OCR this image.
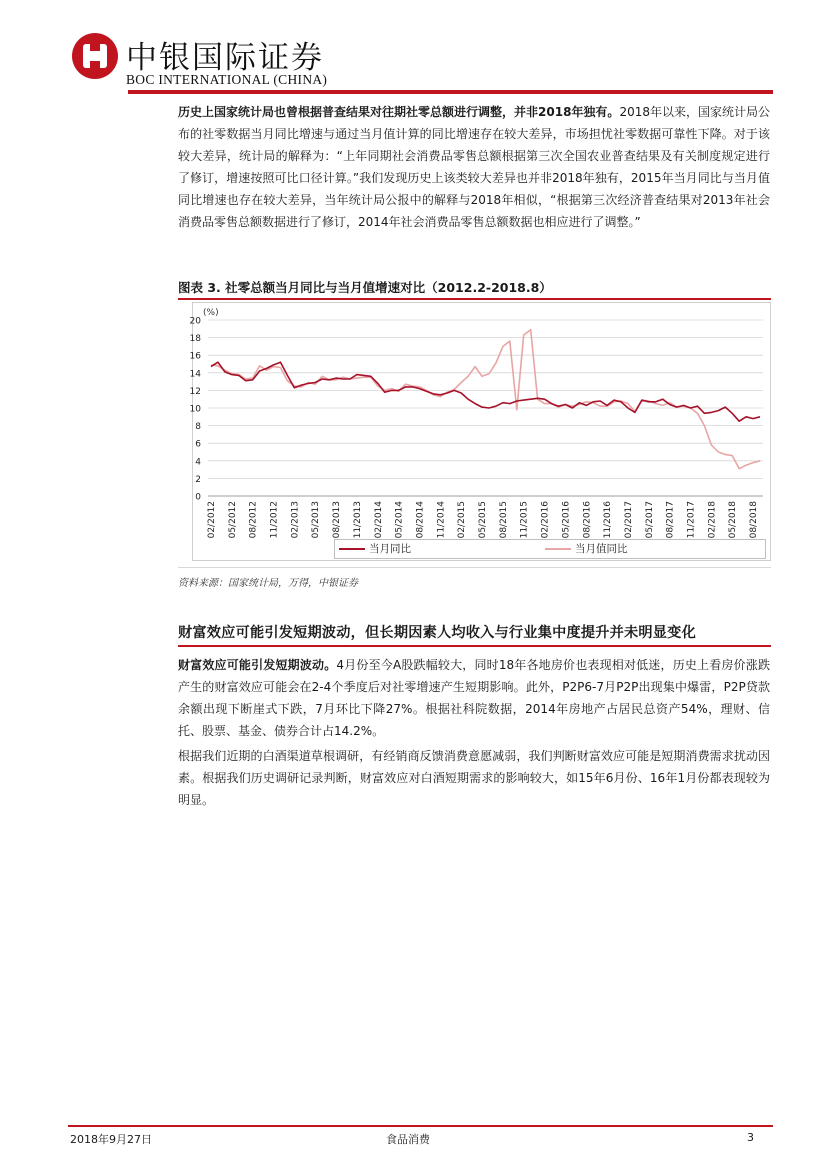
中银国际证券
BOC INTERNATIONAL (CHINA)

历史上国家统计局也曾根据普查结果对往期社零总额进行调整，并非2018年独有。2018年以来，国家统计局公布的社零数据当月同比增速与通过当月值计算的同比增速存在较大差异，市场担忧社零数据可靠性下降。对于该较大差异，统计局的解释为：“上年同期社会消费品零售总额根据第三次全国农业普查结果及有关制度规定进行了修订，增速按照可比口径计算。”我们发现历史上该类较大差异也并非2018年独有，2015年当月同比与当月值同比增速也存在较大差异，当年统计局公报中的解释与2018年相似，“根据第三次经济普查结果对2013年社会消费品零售总额数据进行了修订，2014年社会消费品零售总额数据也相应进行了调整。”

图表 3. 社零总额当月同比与当月值增速对比（2012.2-2018.8）
0
2
4
6
8
10
12
14
16
18
20
02/2012 05/2012 08/2012 11/2012 02/2013 05/2013 08/2013 11/2013 02/2014 05/2014 08/2014 11/2014 02/2015 05/2015 08/2015 11/2015 02/2016 05/2016 08/2016 11/2016 02/2017 05/2017 08/2017 11/2017 02/2018 05/2018 08/2018
(%)
当月同比	当月值同比
资料来源：国家统计局，万得，中银证券
财富效应可能引发短期波动，但长期因素人均收入与行业集中度提升并未明显变化

财富效应可能引发短期波动。4月份至今A股跌幅较大，同时18年各地房价也表现相对低迷，历史上看房价涨跌产生的财富效应可能会在2-4个季度后对社零增速产生短期影响。此外，P2P6-7月P2P出现集中爆雷，P2P贷款余额出现下断崖式下跌，7月环比下降27%。根据社科院数据，2014年房地产占居民总资产54%，理财、信托、股票、基金、债券合计占14.2%。

根据我们近期的白酒渠道草根调研，有经销商反馈消费意愿减弱，我们判断财富效应可能是短期消费需求扰动因素。根据我们历史调研记录判断，财富效应对白酒短期需求的影响较大，如15年6月份、16年1月份都表现较为明显。

2018年9月27日	食品消费	3
